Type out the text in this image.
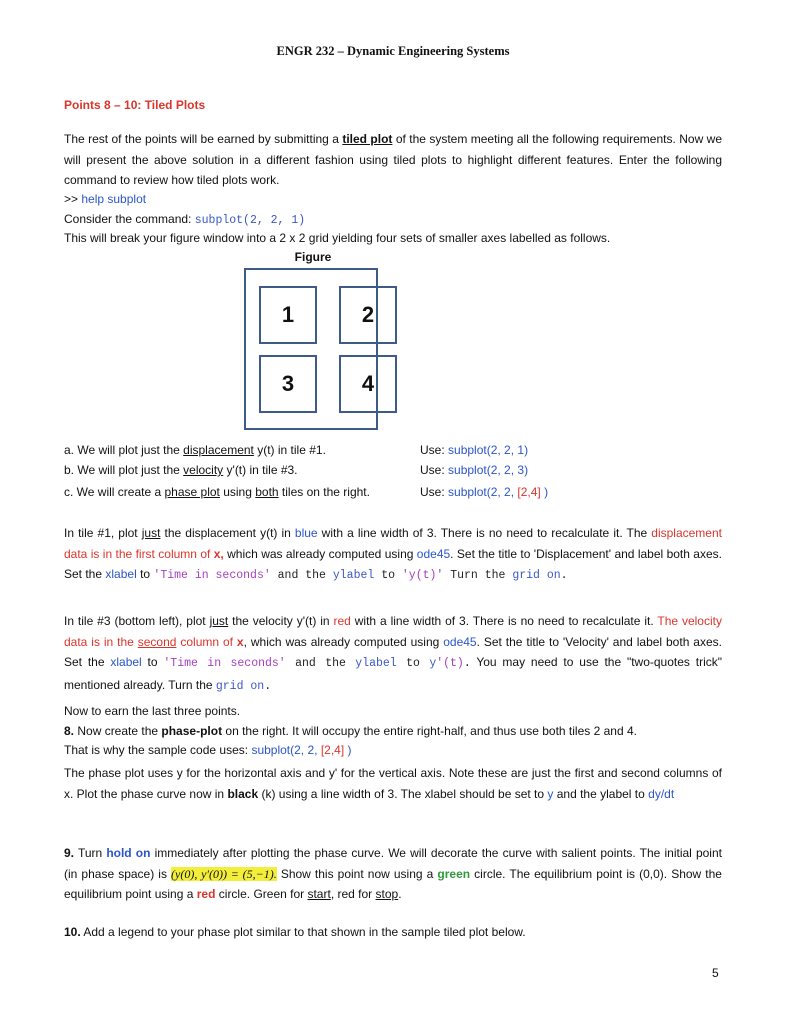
ENGR 232 – Dynamic Engineering Systems
Points 8 – 10: Tiled Plots
The rest of the points will be earned by submitting a tiled plot of the system meeting all the following requirements. Now we will present the above solution in a different fashion using tiled plots to highlight different features. Enter the following command to review how tiled plots work.
>> help subplot
Consider the command: subplot(2, 2, 1)
This will break your figure window into a 2 x 2 grid yielding four sets of smaller axes labelled as follows.
Figure
1	2
3	4
a. We will plot just the displacement y(t) in tile #1.	Use: subplot(2, 2, 1)
b. We will plot just the velocity y'(t) in tile #3.	Use: subplot(2, 2, 3)
c. We will create a phase plot using both tiles on the right.	Use: subplot(2, 2, [2,4] )
In tile #1, plot just the displacement y(t) in blue with a line width of 3. There is no need to recalculate it. The displacement data is in the first column of x, which was already computed using ode45. Set the title to 'Displacement' and label both axes. Set the xlabel to 'Time in seconds' and the ylabel to 'y(t)' Turn the grid on.
In tile #3 (bottom left), plot just the velocity y'(t) in red with a line width of 3. There is no need to recalculate it. The velocity data is in the second column of x, which was already computed using ode45. Set the title to 'Velocity' and label both axes. Set the xlabel to 'Time in seconds' and the ylabel to y'(t). You may need to use the "two-quotes trick" mentioned already. Turn the grid on.
Now to earn the last three points.
8. Now create the phase-plot on the right. It will occupy the entire right-half, and thus use both tiles 2 and 4.
That is why the sample code uses: subplot(2, 2, [2,4] )
The phase plot uses y for the horizontal axis and y' for the vertical axis. Note these are just the first and second columns of x. Plot the phase curve now in black (k) using a line width of 3. The xlabel should be set to y and the ylabel to dy/dt
9. Turn hold on immediately after plotting the phase curve. We will decorate the curve with salient points. The initial point (in phase space) is (y(0), y′(0)) = (5,−1). Show this point now using a green circle. The equilibrium point is (0,0). Show the equilibrium point using a red circle. Green for start, red for stop.
10. Add a legend to your phase plot similar to that shown in the sample tiled plot below.
5
